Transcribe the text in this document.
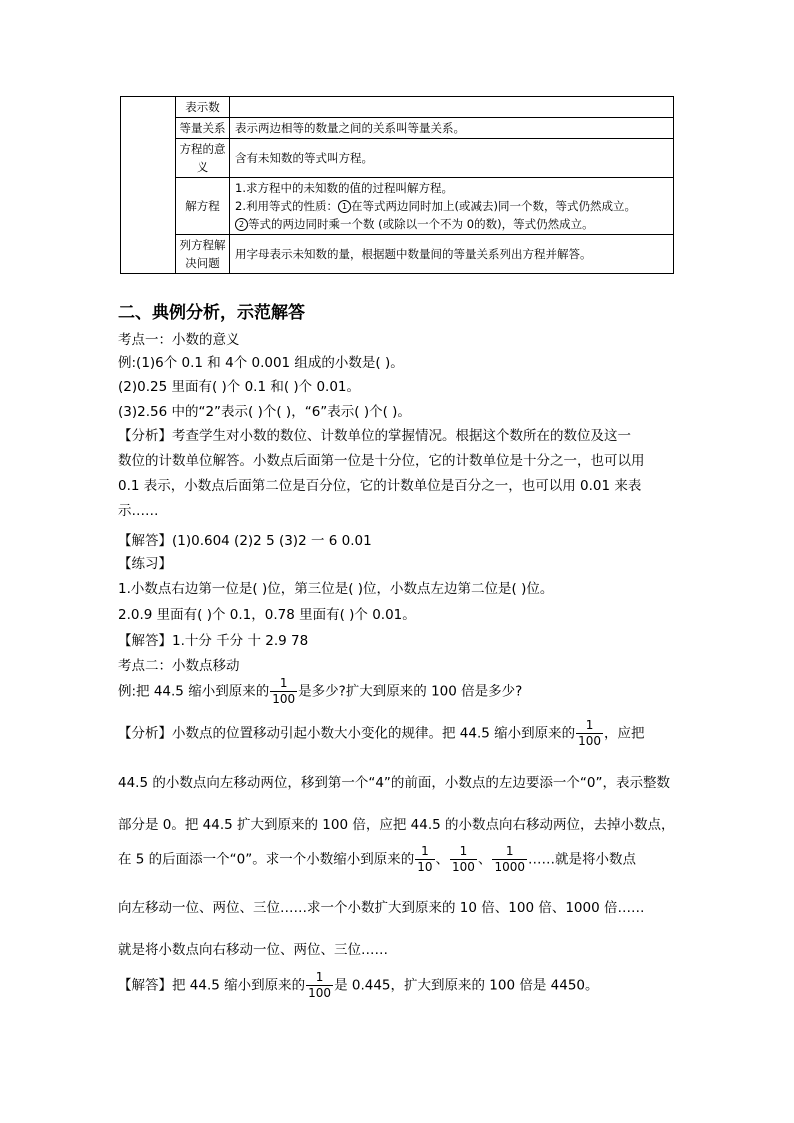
	表示数	
	等量关系	表示两边相等的数量之间的关系叫等量关系。
	方程的意义	含有未知数的等式叫方程。
	解方程	1.求方程中的未知数的值的过程叫解方程。
2.利用等式的性质： 1 在等式两边同时加上(或减去)同一个数，等式仍然成立。
2 等式的两边同时乘一个数 (或除以一个不为 0的数)，等式仍然成立。

	列方程解决问题	用字母表示未知数的量，根据题中数量间的等量关系列出方程并解答。
二、典例分析，示范解答
考点一：小数的意义
例:(1)6个 0.1 和 4个 0.001 组成的小数是( )。
(2)0.25 里面有( )个 0.1 和( )个 0.01。
(3)2.56 中的“2”表示( )个( )，“6”表示( )个( )。
【分析】考查学生对小数的数位、计数单位的掌握情况。根据这个数所在的数位及这一
数位的计数单位解答。小数点后面第一位是十分位，它的计数单位是十分之一，也可以用
0.1 表示，小数点后面第二位是百分位，它的计数单位是百分之一，也可以用 0.01 来表
示……
【解答】(1)0.604 (2)2 5 (3)2 一 6 0.01
【练习】
1.小数点右边第一位是( )位，第三位是( )位，小数点左边第二位是( )位。
2.0.9 里面有( )个 0.1，0.78 里面有( )个 0.01。
【解答】1.十分 千分 十 2.9 78
考点二：小数点移动
例:把 44.5 缩小到原来的 $\frac{1}{100}$ 是多少?扩大到原来的 100 倍是多少?
【分析】小数点的位置移动引起小数大小变化的规律。把 44.5 缩小到原来的 $\frac{1}{100}$ ，应把
44.5 的小数点向左移动两位，移到第一个“4”的前面，小数点的左边要添一个“0”，表示整数
部分是 0。把 44.5 扩大到原来的 100 倍，应把 44.5 的小数点向右移动两位，去掉小数点，
在 5 的后面添一个“0”。求一个小数缩小到原来的 $\frac{1}{10}$ 、 $\frac{1}{100}$ 、 $\frac{1}{1000}$ ……就是将小数点
向左移动一位、两位、三位……求一个小数扩大到原来的 10 倍、100 倍、1000 倍……
就是将小数点向右移动一位、两位、三位……
【解答】把 44.5 缩小到原来的 $\frac{1}{100}$ 是 0.445，扩大到原来的 100 倍是 4450。
